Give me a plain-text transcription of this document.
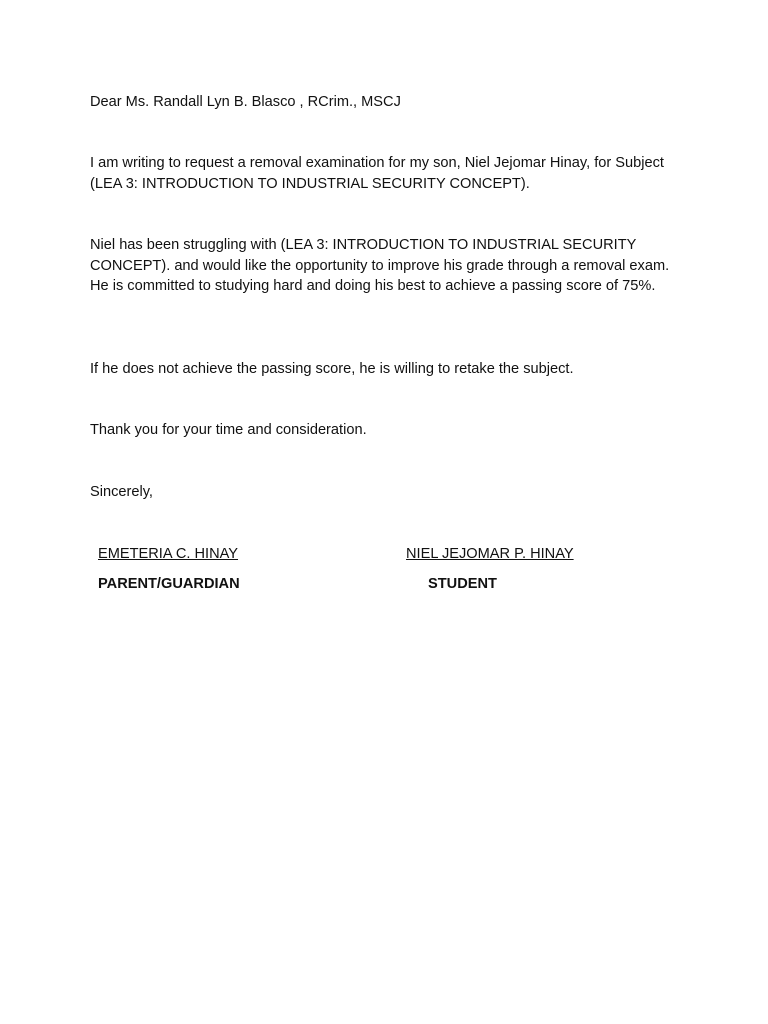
Dear Ms. Randall Lyn B. Blasco , RCrim., MSCJ

I am writing to request a removal examination for my son, Niel Jejomar Hinay, for Subject (LEA 3: INTRODUCTION TO INDUSTRIAL SECURITY CONCEPT).

Niel has been struggling with (LEA 3: INTRODUCTION TO INDUSTRIAL SECURITY CONCEPT). and would like the opportunity to improve his grade through a removal exam. He is committed to studying hard and doing his best to achieve a passing score of 75%.

If he does not achieve the passing score, he is willing to retake the subject.

Thank you for your time and consideration.

Sincerely,

EMETERIA C. HINAY

PARENT/GUARDIAN

NIEL JEJOMAR P. HINAY

STUDENT
